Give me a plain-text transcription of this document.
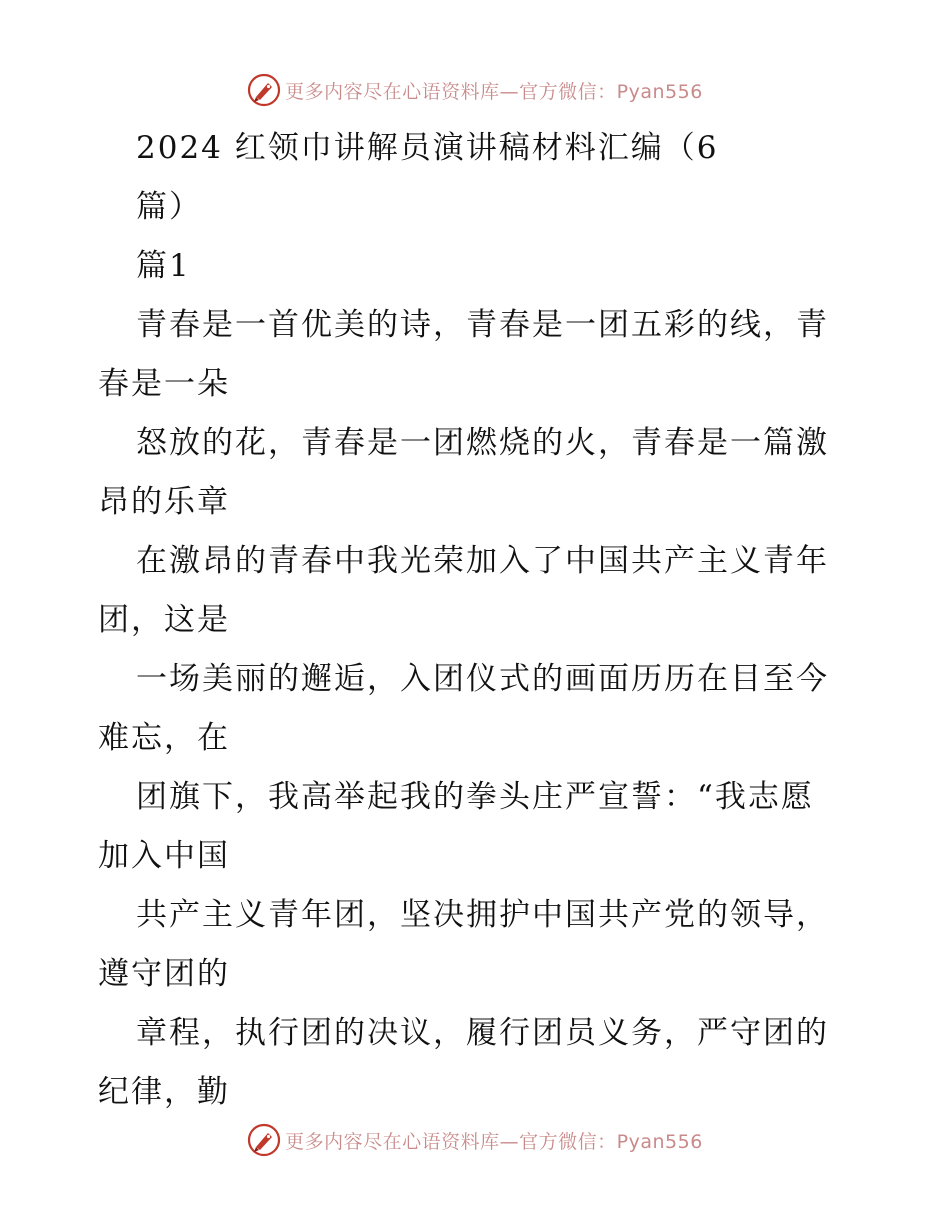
更多内容尽在心语资料库—官方微信：Pyan556
2024 红领巾讲解员演讲稿材料汇编（6
篇）
篇1
青春是一首优美的诗，青春是一团五彩的线，青
春是一朵
怒放的花，青春是一团燃烧的火，青春是一篇激
昂的乐章
在激昂的青春中我光荣加入了中国共产主义青年
团，这是
一场美丽的邂逅，入团仪式的画面历历在目至今
难忘，在
团旗下，我高举起我的拳头庄严宣誓：“我志愿
加入中国
共产主义青年团，坚决拥护中国共产党的领导，
遵守团的
章程，执行团的决议，履行团员义务，严守团的
纪律，勤
更多内容尽在心语资料库—官方微信：Pyan556
